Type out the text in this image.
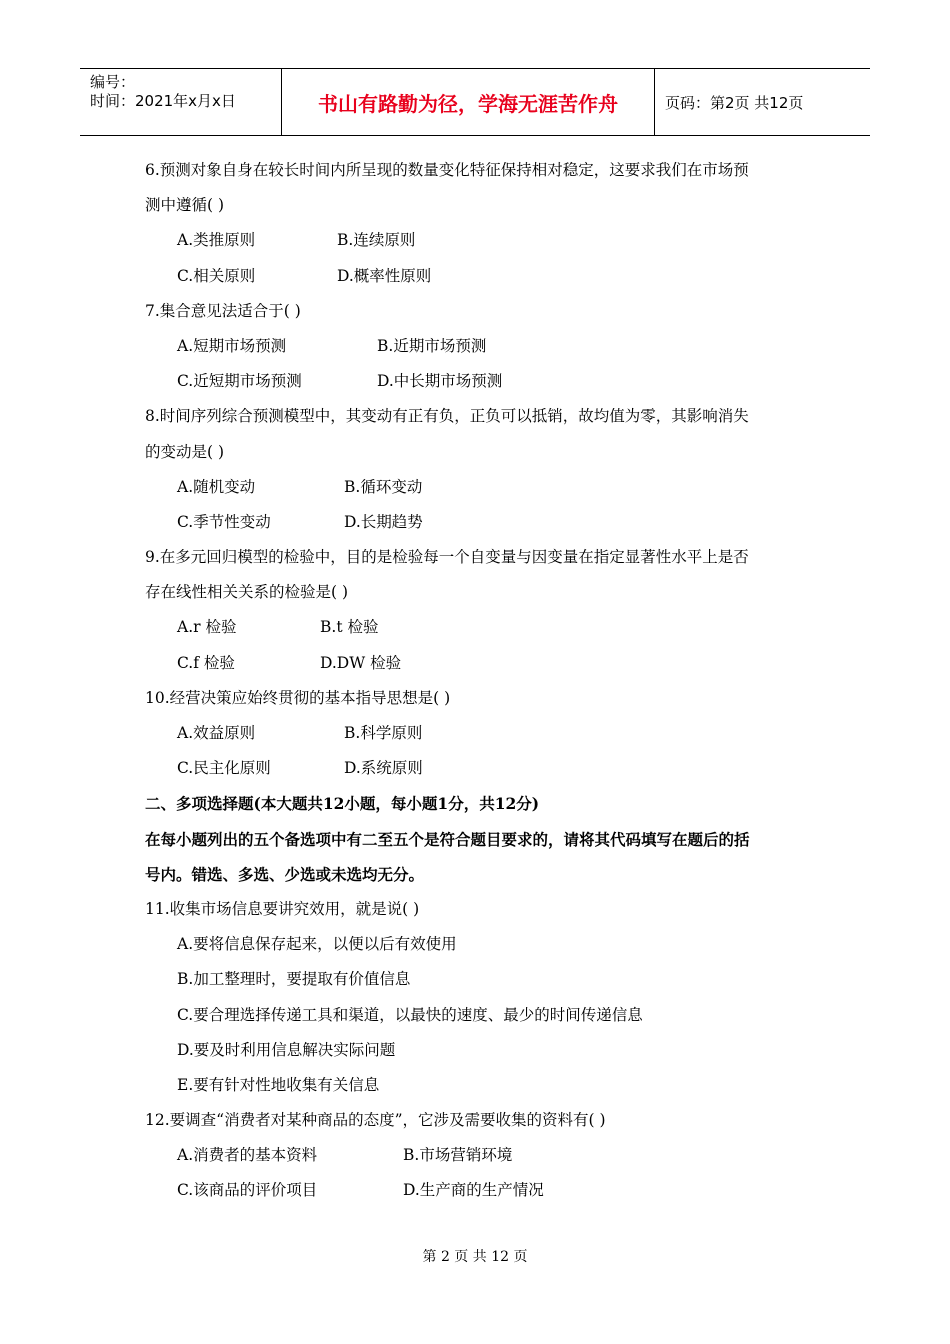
编号：
时间：2021年x月x日	书山有路勤为径，学海无涯苦作舟	页码：第2页 共12页
6.预测对象自身在较长时间内所呈现的数量变化特征保持相对稳定，这要求我们在市场预
测中遵循( )
A.类推原则	B.连续原则
C.相关原则	D.概率性原则
7.集合意见法适合于( )
A.短期市场预测	B.近期市场预测
C.近短期市场预测	D.中长期市场预测
8.时间序列综合预测模型中，其变动有正有负，正负可以抵销，故均值为零，其影响消失
的变动是( )
A.随机变动	B.循环变动
C.季节性变动	D.长期趋势
9.在多元回归模型的检验中，目的是检验每一个自变量与因变量在指定显著性水平上是否
存在线性相关关系的检验是( )
A.r 检验	B.t 检验
C.f 检验	D.DW 检验
10.经营决策应始终贯彻的基本指导思想是( )
A.效益原则	B.科学原则
C.民主化原则	D.系统原则
二、多项选择题(本大题共12小题，每小题1分，共12分)
在每小题列出的五个备选项中有二至五个是符合题目要求的，请将其代码填写在题后的括
号内。错选、多选、少选或未选均无分。
11.收集市场信息要讲究效用，就是说( )
A.要将信息保存起来，以便以后有效使用
B.加工整理时，要提取有价值信息
C.要合理选择传递工具和渠道，以最快的速度、最少的时间传递信息
D.要及时利用信息解决实际问题
E.要有针对性地收集有关信息
12.要调查“消费者对某种商品的态度”，它涉及需要收集的资料有( )
A.消费者的基本资料	B.市场营销环境
C.该商品的评价项目	D.生产商的生产情况
第 2 页 共 12 页
